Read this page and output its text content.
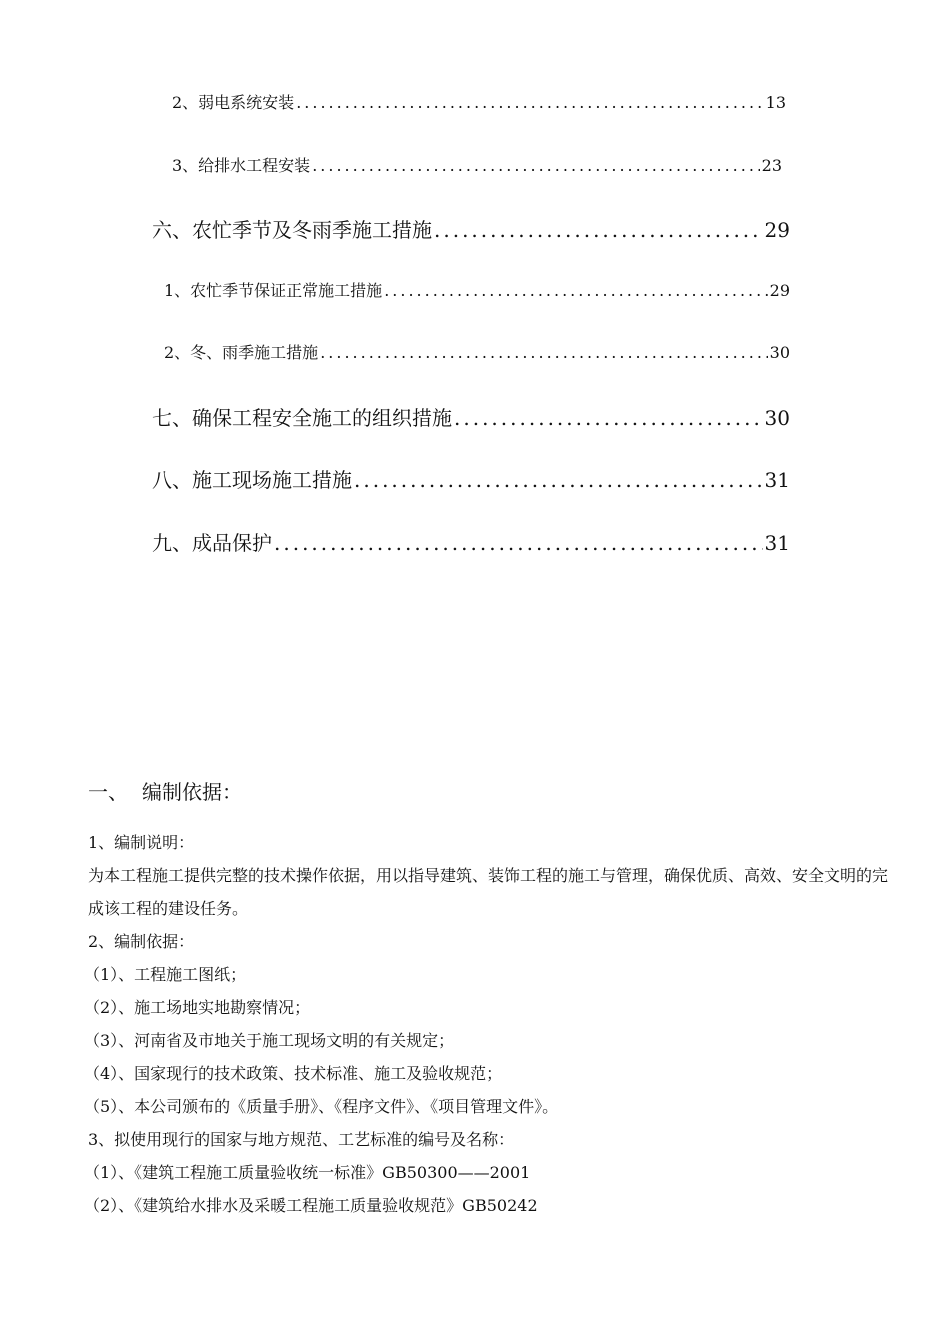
2、弱电系统安装 .....	13
3、给排水工程安装 .....	23
六、农忙季节及冬雨季施工措施 .....	29
1、农忙季节保证正常施工措施 .....	29
2、冬、雨季施工措施 .....	30
七、确保工程安全施工的组织措施 .....	30
八、施工现场施工措施 .....	31
九、成品保护 .....	31
一、 编制依据：
1、编制说明：
为本工程施工提供完整的技术操作依据，用以指导建筑、装饰工程的施工与管理，确保优质、高效、安全文明的完成该工程的建设任务。
2、编制依据：
（1）、工程施工图纸；
（2）、施工场地实地勘察情况；
（3）、河南省及市地关于施工现场文明的有关规定；
（4）、国家现行的技术政策、技术标准、施工及验收规范；
（5）、本公司颁布的《质量手册》、《程序文件》、《项目管理文件》。
3、拟使用现行的国家与地方规范、工艺标准的编号及名称：
（1）、《建筑工程施工质量验收统一标准》GB50300——2001
（2）、《建筑给水排水及采暖工程施工质量验收规范》GB50242
